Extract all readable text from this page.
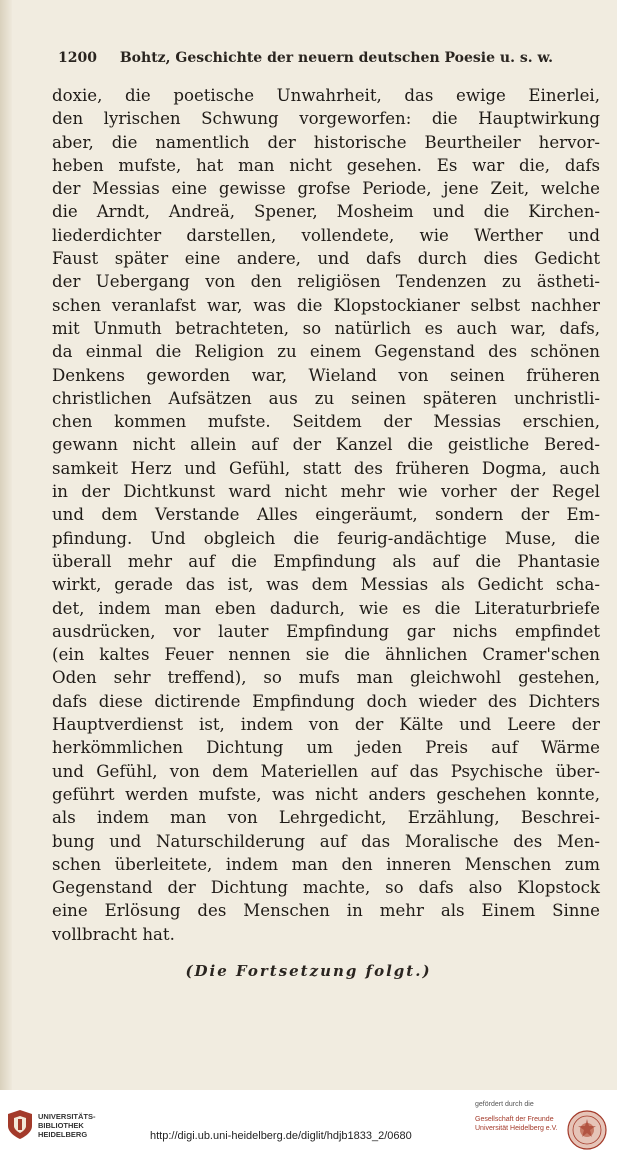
1200 Bohtz, Geschichte der neuern deutschen Poesie u. s. w.
doxie, die poetische Unwahrheit, das ewige Einerlei,
den lyrischen Schwung vorgeworfen: die Hauptwirkung
aber, die namentlich der historische Beurtheiler hervor-
heben mufste, hat man nicht gesehen. Es war die, dafs
der Messias eine gewisse grofse Periode, jene Zeit, welche
die Arndt, Andreä, Spener, Mosheim und die Kirchen-
liederdichter darstellen, vollendete, wie Werther und
Faust später eine andere, und dafs durch dies Gedicht
der Uebergang von den religiösen Tendenzen zu ästheti-
schen veranlafst war, was die Klopstockianer selbst nachher
mit Unmuth betrachteten, so natürlich es auch war, dafs,
da einmal die Religion zu einem Gegenstand des schönen
Denkens geworden war, Wieland von seinen früheren
christlichen Aufsätzen aus zu seinen späteren unchristli-
chen kommen mufste. Seitdem der Messias erschien,
gewann nicht allein auf der Kanzel die geistliche Bered-
samkeit Herz und Gefühl, statt des früheren Dogma, auch
in der Dichtkunst ward nicht mehr wie vorher der Regel
und dem Verstande Alles eingeräumt, sondern der Em-
pfindung. Und obgleich die feurig-andächtige Muse, die
überall mehr auf die Empfindung als auf die Phantasie
wirkt, gerade das ist, was dem Messias als Gedicht scha-
det, indem man eben dadurch, wie es die Literaturbriefe
ausdrücken, vor lauter Empfindung gar nichs empfindet
(ein kaltes Feuer nennen sie die ähnlichen Cramer'schen
Oden sehr treffend), so mufs man gleichwohl gestehen,
dafs diese dictirende Empfindung doch wieder des Dichters
Hauptverdienst ist, indem von der Kälte und Leere der
herkömmlichen Dichtung um jeden Preis auf Wärme
und Gefühl, von dem Materiellen auf das Psychische über-
geführt werden mufste, was nicht anders geschehen konnte,
als indem man von Lehrgedicht, Erzählung, Beschrei-
bung und Naturschilderung auf das Moralische des Men-
schen überleitete, indem man den inneren Menschen zum
Gegenstand der Dichtung machte, so dafs also Klopstock
eine Erlösung des Menschen in mehr als Einem Sinne
vollbracht hat.
(Die Fortsetzung folgt.)
UNIVERSITÄTS-
BIBLIOTHEK
HEIDELBERG	http://digi.ub.uni-heidelberg.de/diglit/hdjb1833_2/0680
gefördert durch die
Gesellschaft der Freunde
Universität Heidelberg e.V.
